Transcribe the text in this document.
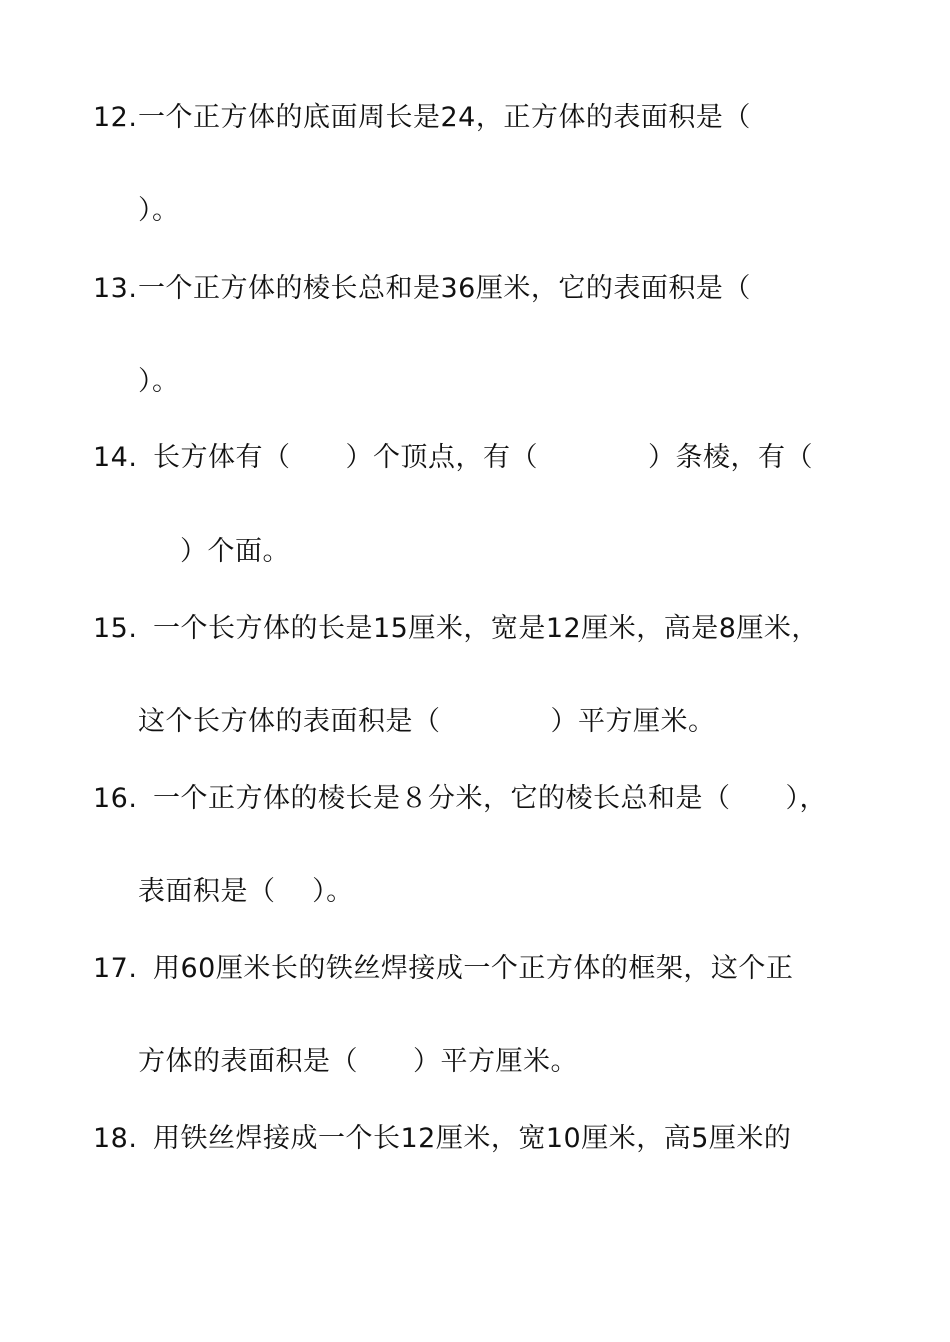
12. 一个正方体的底面周长是24，正方体的表面积是（
）。
13. 一个正方体的棱长总和是36厘米，它的表面积是（
）。
14. 长方体有（　　）个顶点，有（　　　　）条棱，有（
）个面。
15. 一个长方体的长是15厘米，宽是12厘米，高是8厘米，
这个长方体的表面积是（　　　　）平方厘米。
16. 一个正方体的棱长是８分米，它的棱长总和是（　　），
表面积是（　 ）。
17. 用60厘米长的铁丝焊接成一个正方体的框架，这个正
方体的表面积是（　　）平方厘米。
18. 用铁丝焊接成一个长12厘米，宽10厘米，高5厘米的
